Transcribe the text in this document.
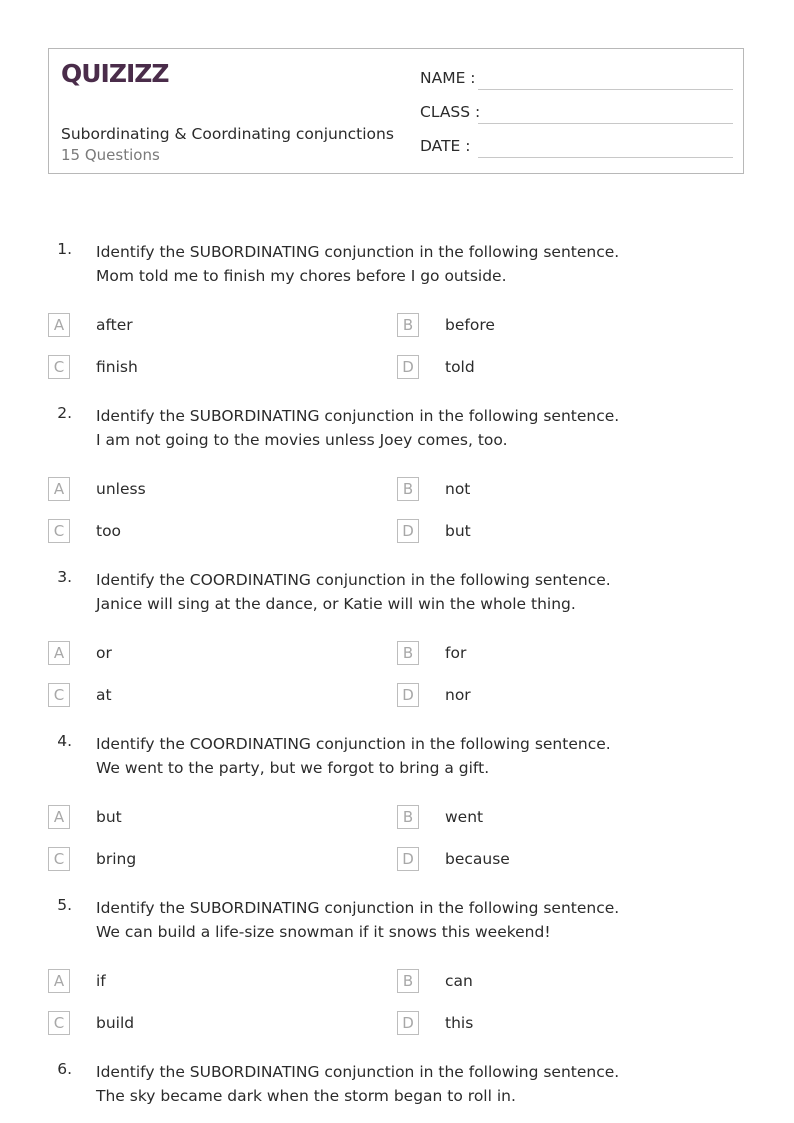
QUIZIZZ
Subordinating & Coordinating conjunctions
15 Questions
NAME :
CLASS :
DATE :
1. Identify the SUBORDINATING conjunction in the following sentence.
Mom told me to finish my chores before I go outside.
A	after	B	before
C	finish	D	told
2. Identify the SUBORDINATING conjunction in the following sentence.
I am not going to the movies unless Joey comes, too.
A	unless	B	not
C	too	D	but
3. Identify the COORDINATING conjunction in the following sentence.
Janice will sing at the dance, or Katie will win the whole thing.
A	or	B	for
C	at	D	nor
4. Identify the COORDINATING conjunction in the following sentence.
We went to the party, but we forgot to bring a gift.
A	but	B	went
C	bring	D	because
5. Identify the SUBORDINATING conjunction in the following sentence.
We can build a life-size snowman if it snows this weekend!
A	if	B	can
C	build	D	this
6. Identify the SUBORDINATING conjunction in the following sentence.
The sky became dark when the storm began to roll in.
